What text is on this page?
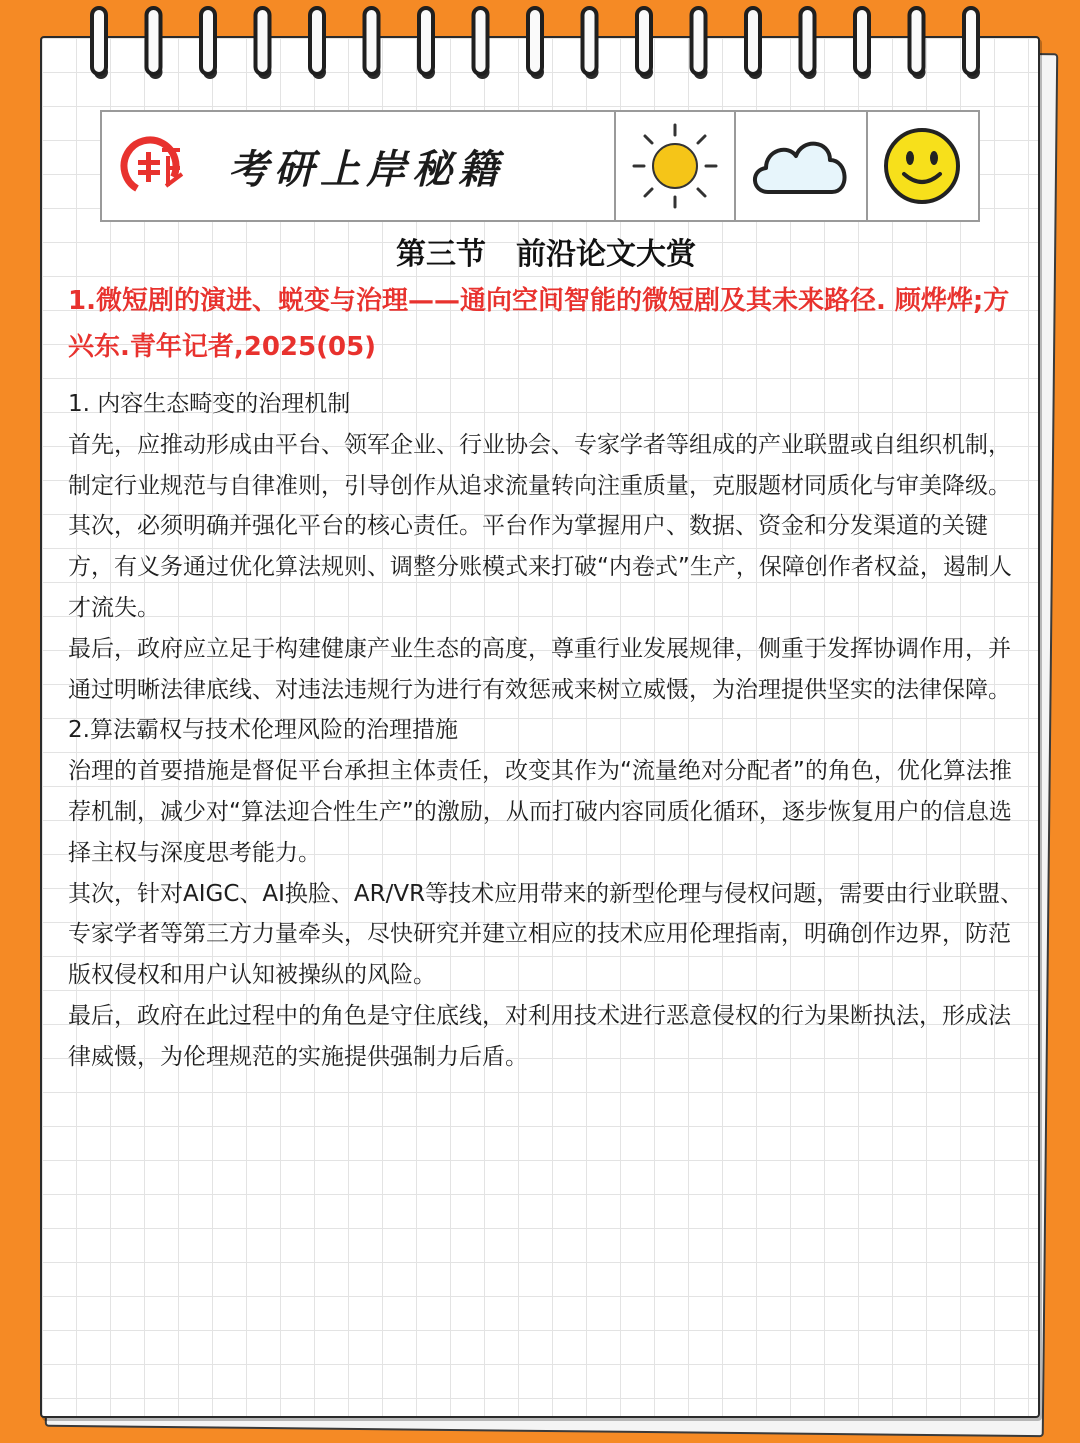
考研上岸秘籍
第三节　前沿论文大赏

1.微短剧的演进、蜕变与治理——通向空间智能的微短剧及其未来路径. 顾烨烨;方兴东.青年记者,2025(05)

1. 内容生态畸变的治理机制

首先，应推动形成由平台、领军企业、行业协会、专家学者等组成的产业联盟或自组织机制，制定行业规范与自律准则，引导创作从追求流量转向注重质量，克服题材同质化与审美降级。

其次，必须明确并强化平台的核心责任。平台作为掌握用户、数据、资金和分发渠道的关键方，有义务通过优化算法规则、调整分账模式来打破“内卷式”生产，保障创作者权益，遏制人才流失。

最后，政府应立足于构建健康产业生态的高度，尊重行业发展规律，侧重于发挥协调作用，并通过明晰法律底线、对违法违规行为进行有效惩戒来树立威慑，为治理提供坚实的法律保障。

2.算法霸权与技术伦理风险的治理措施

治理的首要措施是督促平台承担主体责任，改变其作为“流量绝对分配者”的角色，优化算法推荐机制，减少对“算法迎合性生产”的激励，从而打破内容同质化循环，逐步恢复用户的信息选择主权与深度思考能力。

其次，针对AIGC、AI换脸、AR/VR等技术应用带来的新型伦理与侵权问题，需要由行业联盟、专家学者等第三方力量牵头，尽快研究并建立相应的技术应用伦理指南，明确创作边界，防范版权侵权和用户认知被操纵的风险。

最后，政府在此过程中的角色是守住底线，对利用技术进行恶意侵权的行为果断执法，形成法律威慑，为伦理规范的实施提供强制力后盾。
